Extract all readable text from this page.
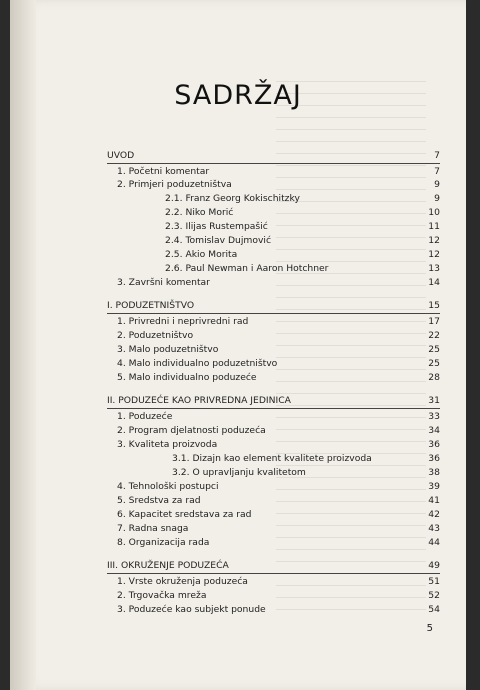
SADRŽAJ
UVOD	7
1. Početni komentar	7
2. Primjeri poduzetništva	9
2.1. Franz Georg Kokischitzky	9
2.2. Niko Morić	10
2.3. Ilijas Rustempašić	11
2.4. Tomislav Dujmović	12
2.5. Akio Morita	12
2.6. Paul Newman i Aaron Hotchner	13
3. Završni komentar	14
I. PODUZETNIŠTVO	15
1. Privredni i neprivredni rad	17
2. Poduzetništvo	22
3. Malo poduzetništvo	25
4. Malo individualno poduzetništvo	25
5. Malo individualno poduzeće	28
II. PODUZEĆE KAO PRIVREDNA JEDINICA	31
1. Poduzeće	33
2. Program djelatnosti poduzeća	34
3. Kvaliteta proizvoda	36
3.1. Dizajn kao element kvalitete proizvoda	36
3.2. O upravljanju kvalitetom	38
4. Tehnološki postupci	39
5. Sredstva za rad	41
6. Kapacitet sredstava za rad	42
7. Radna snaga	43
8. Organizacija rada	44
III. OKRUŽENJE PODUZEĆA	49
1. Vrste okruženja poduzeća	51
2. Trgovačka mreža	52
3. Poduzeće kao subjekt ponude	54
5
